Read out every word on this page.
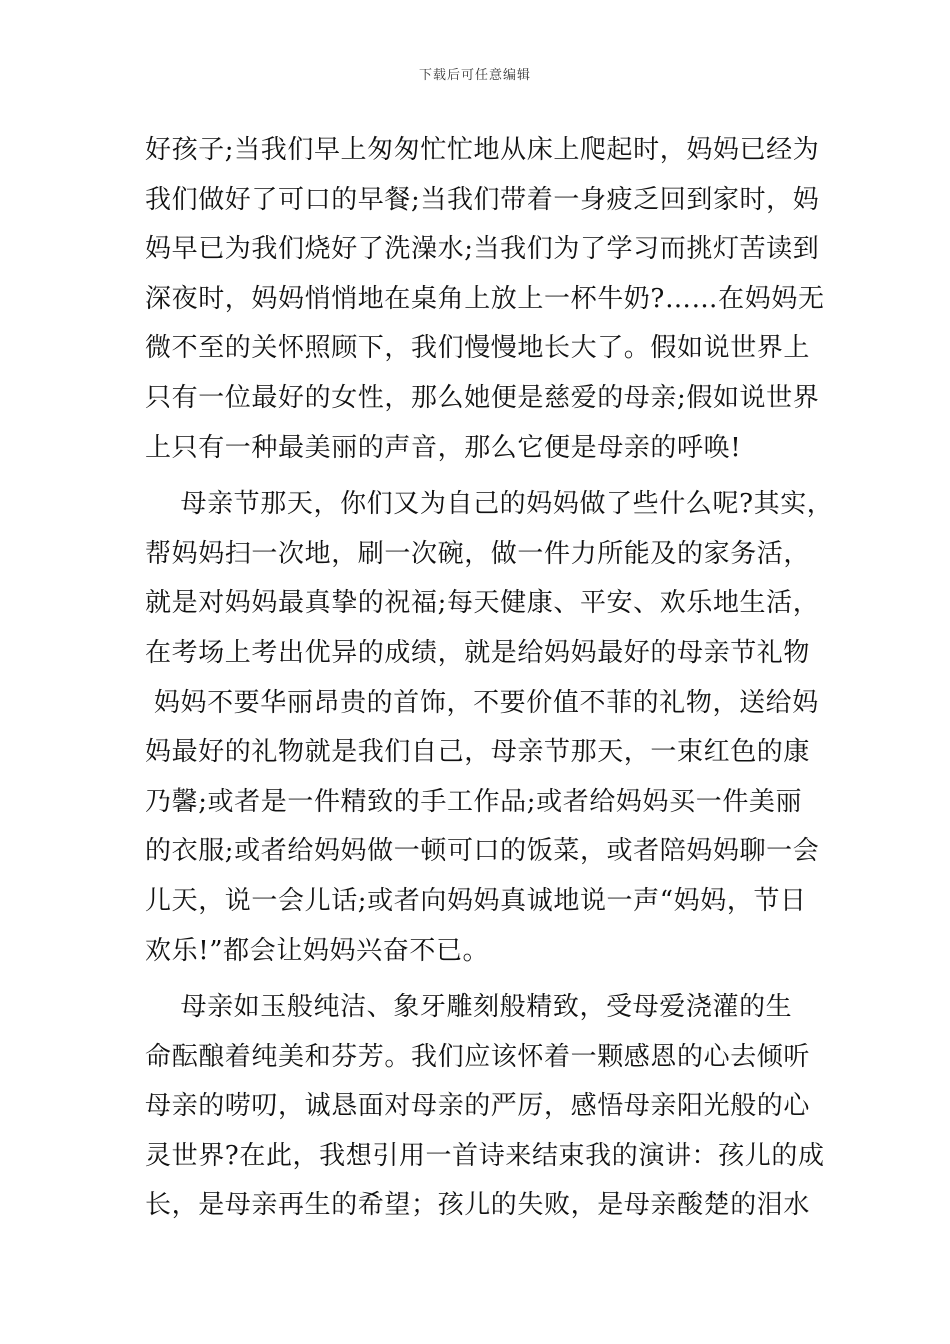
下载后可任意编辑
好孩子;当我们早上匆匆忙忙地从床上爬起时，妈妈已经为
我们做好了可口的早餐;当我们带着一身疲乏回到家时，妈
妈早已为我们烧好了洗澡水;当我们为了学习而挑灯苦读到
深夜时，妈妈悄悄地在桌角上放上一杯牛奶?……在妈妈无
微不至的关怀照顾下，我们慢慢地长大了。假如说世界上
只有一位最好的女性，那么她便是慈爱的母亲;假如说世界
上只有一种最美丽的声音，那么它便是母亲的呼唤!
　 母亲节那天，你们又为自己的妈妈做了些什么呢?其实，
帮妈妈扫一次地，刷一次碗，做一件力所能及的家务活，
就是对妈妈最真挚的祝福;每天健康、平安、欢乐地生活，
在考场上考出优异的成绩，就是给妈妈最好的母亲节礼物
妈妈不要华丽昂贵的首饰，不要价值不菲的礼物，送给妈
妈最好的礼物就是我们自己，母亲节那天，一束红色的康
乃馨;或者是一件精致的手工作品;或者给妈妈买一件美丽
的衣服;或者给妈妈做一顿可口的饭菜，或者陪妈妈聊一会
儿天，说一会儿话;或者向妈妈真诚地说一声“妈妈，节日
欢乐!”都会让妈妈兴奋不已。
　 母亲如玉般纯洁、象牙雕刻般精致，受母爱浇灌的生
命酝酿着纯美和芬芳。我们应该怀着一颗感恩的心去倾听
母亲的唠叨，诚恳面对母亲的严厉，感悟母亲阳光般的心
灵世界?在此，我想引用一首诗来结束我的演讲：孩儿的成
长，是母亲再生的希望；孩儿的失败，是母亲酸楚的泪水
